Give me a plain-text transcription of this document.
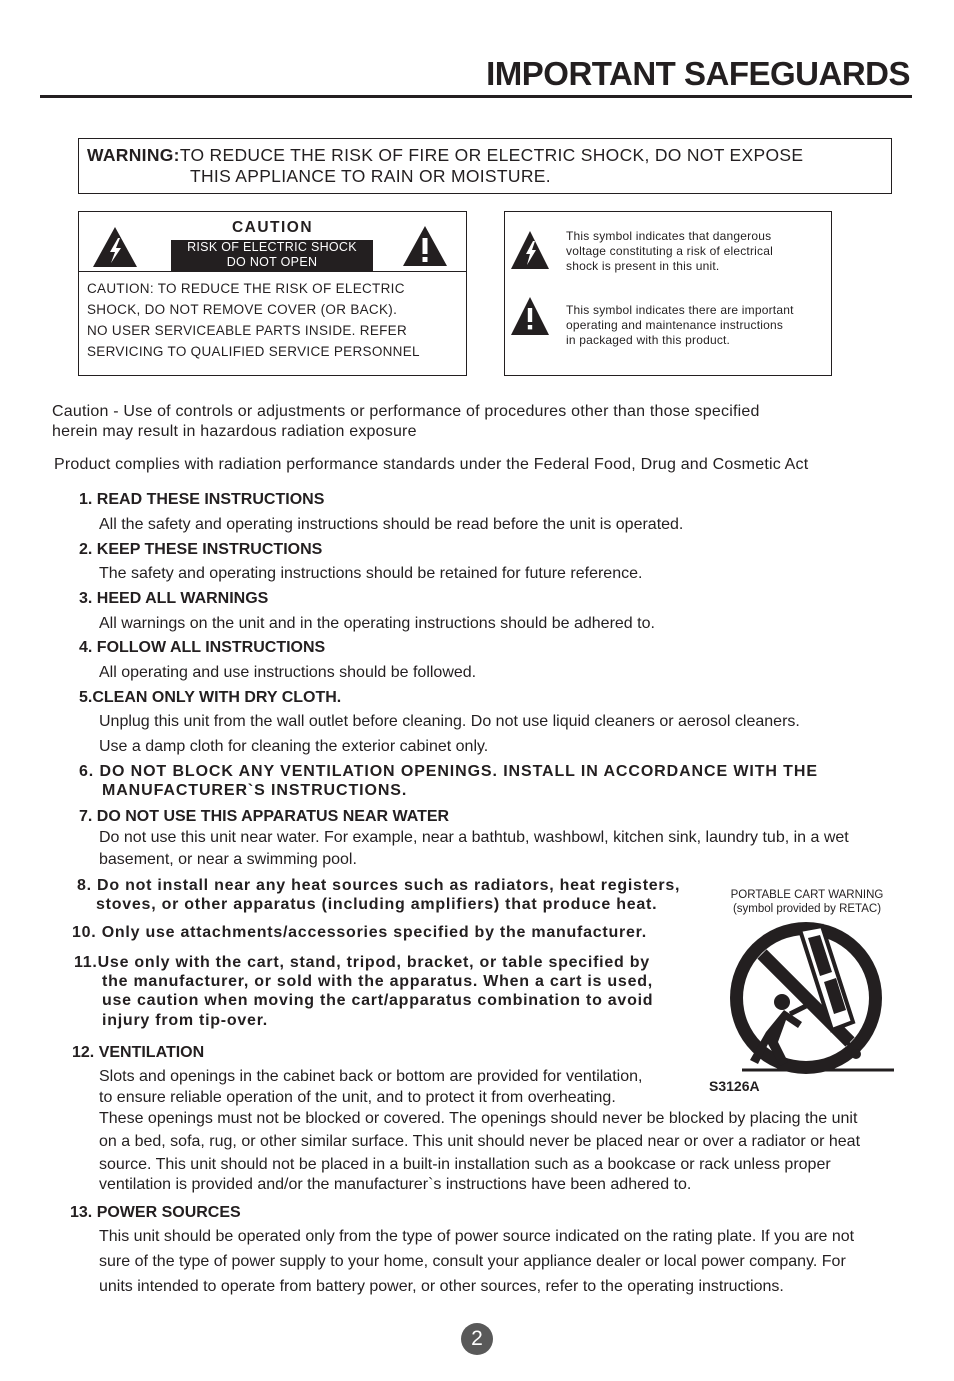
IMPORTANT SAFEGUARDS
WARNING:TO REDUCE THE RISK OF FIRE OR ELECTRIC SHOCK, DO NOT EXPOSE
THIS APPLIANCE TO RAIN OR MOISTURE.
CAUTION
RISK OF ELECTRIC SHOCK
DO NOT OPEN
CAUTION: TO REDUCE THE RISK OF ELECTRIC
SHOCK, DO NOT REMOVE COVER (OR BACK).
NO USER SERVICEABLE PARTS INSIDE. REFER
SERVICING TO QUALIFIED SERVICE PERSONNEL
This symbol indicates that dangerous
voltage constituting a risk of electrical
shock is present in this unit.
This symbol indicates there are important
operating and maintenance instructions
in packaged with this product.
Caution - Use of controls or adjustments or performance of procedures other than those specified
herein may result in hazardous radiation exposure
Product complies with radiation performance standards under the Federal Food, Drug and Cosmetic Act
1. READ THESE INSTRUCTIONS
All the safety and operating instructions should be read before the unit is operated.
2. KEEP THESE INSTRUCTIONS
The safety and operating instructions should be retained for future reference.
3. HEED ALL WARNINGS
All warnings on the unit and in the operating instructions should be adhered to.
4. FOLLOW ALL INSTRUCTIONS
All operating and use instructions should be followed.
5.CLEAN ONLY WITH DRY CLOTH.
Unplug this unit from the wall outlet before cleaning. Do not use liquid cleaners or aerosol cleaners.
Use a damp cloth for cleaning the exterior cabinet only.
6. DO NOT BLOCK ANY VENTILATION OPENINGS. INSTALL IN ACCORDANCE WITH THE
MANUFACTURER`S INSTRUCTIONS.
7. DO NOT USE THIS APPARATUS NEAR WATER
Do not use this unit near water. For example, near a bathtub, washbowl, kitchen sink, laundry tub, in a wet
basement, or near a swimming pool.
8. Do not install near any heat sources such as radiators, heat registers,
stoves, or other apparatus (including amplifiers) that produce heat.
10. Only use attachments/accessories specified by the manufacturer.
11.Use only with the cart, stand, tripod, bracket, or table specified by
the manufacturer, or sold with the apparatus. When a cart is used,
use caution when moving the cart/apparatus combination to avoid
injury from tip-over.
PORTABLE CART WARNING
(symbol provided by RETAC)
S3126A
12. VENTILATION
Slots and openings in the cabinet back or bottom are provided for ventilation,
to ensure reliable operation of the unit, and to protect it from overheating.
These openings must not be blocked or covered. The openings should never be blocked by placing the unit
on a bed, sofa, rug, or other similar surface. This unit should never be placed near or over a radiator or heat
source. This unit should not be placed in a built-in installation such as a bookcase or rack unless proper
ventilation is provided and/or the manufacturer`s instructions have been adhered to.
13. POWER SOURCES
This unit should be operated only from the type of power source indicated on the rating plate. If you are not
sure of the type of power supply to your home, consult your appliance dealer or local power company. For
units intended to operate from battery power, or other sources, refer to the operating instructions.
2
